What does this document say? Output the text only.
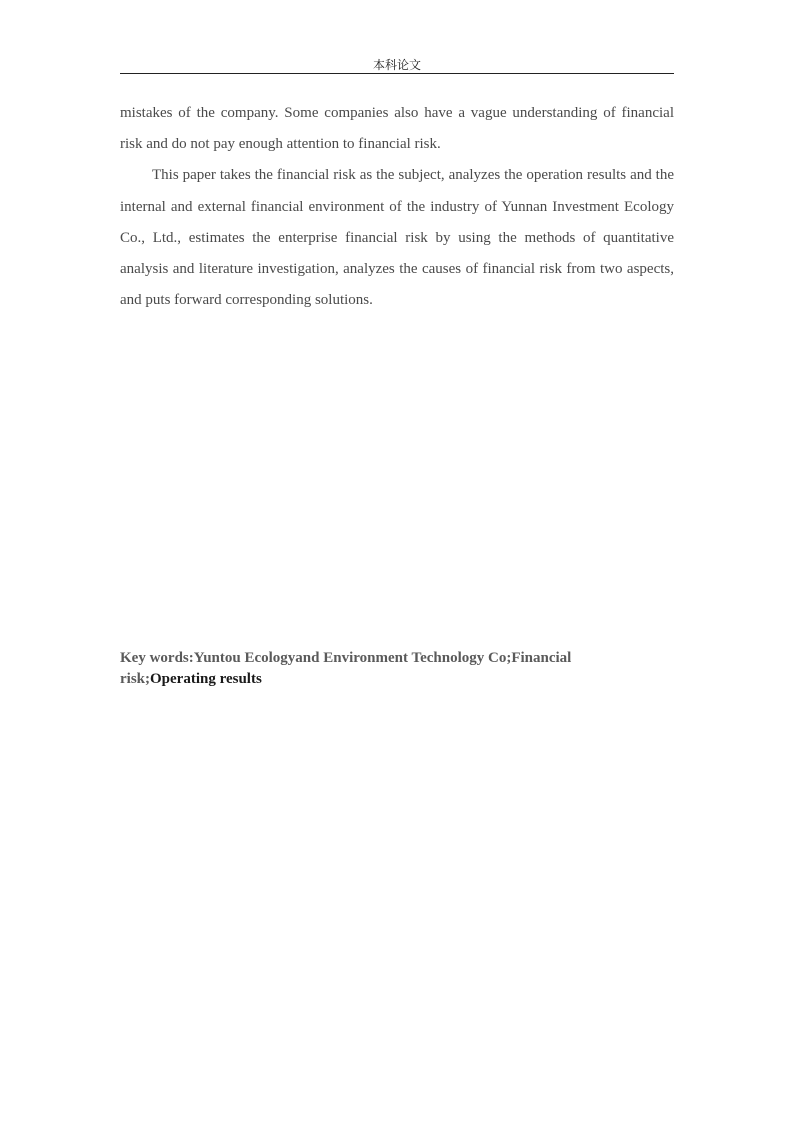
本科论文

mistakes of the company. Some companies also have a vague understanding of financial risk and do not pay enough attention to financial risk.

This paper takes the financial risk as the subject, analyzes the operation results and the internal and external financial environment of the industry of Yunnan Investment Ecology Co., Ltd., estimates the enterprise financial risk by using the methods of quantitative analysis and literature investigation, analyzes the causes of financial risk from two aspects, and puts forward corresponding solutions.

Key words:Yuntou Ecologyand Environment Technology Co;Financial
risk;Operating results
